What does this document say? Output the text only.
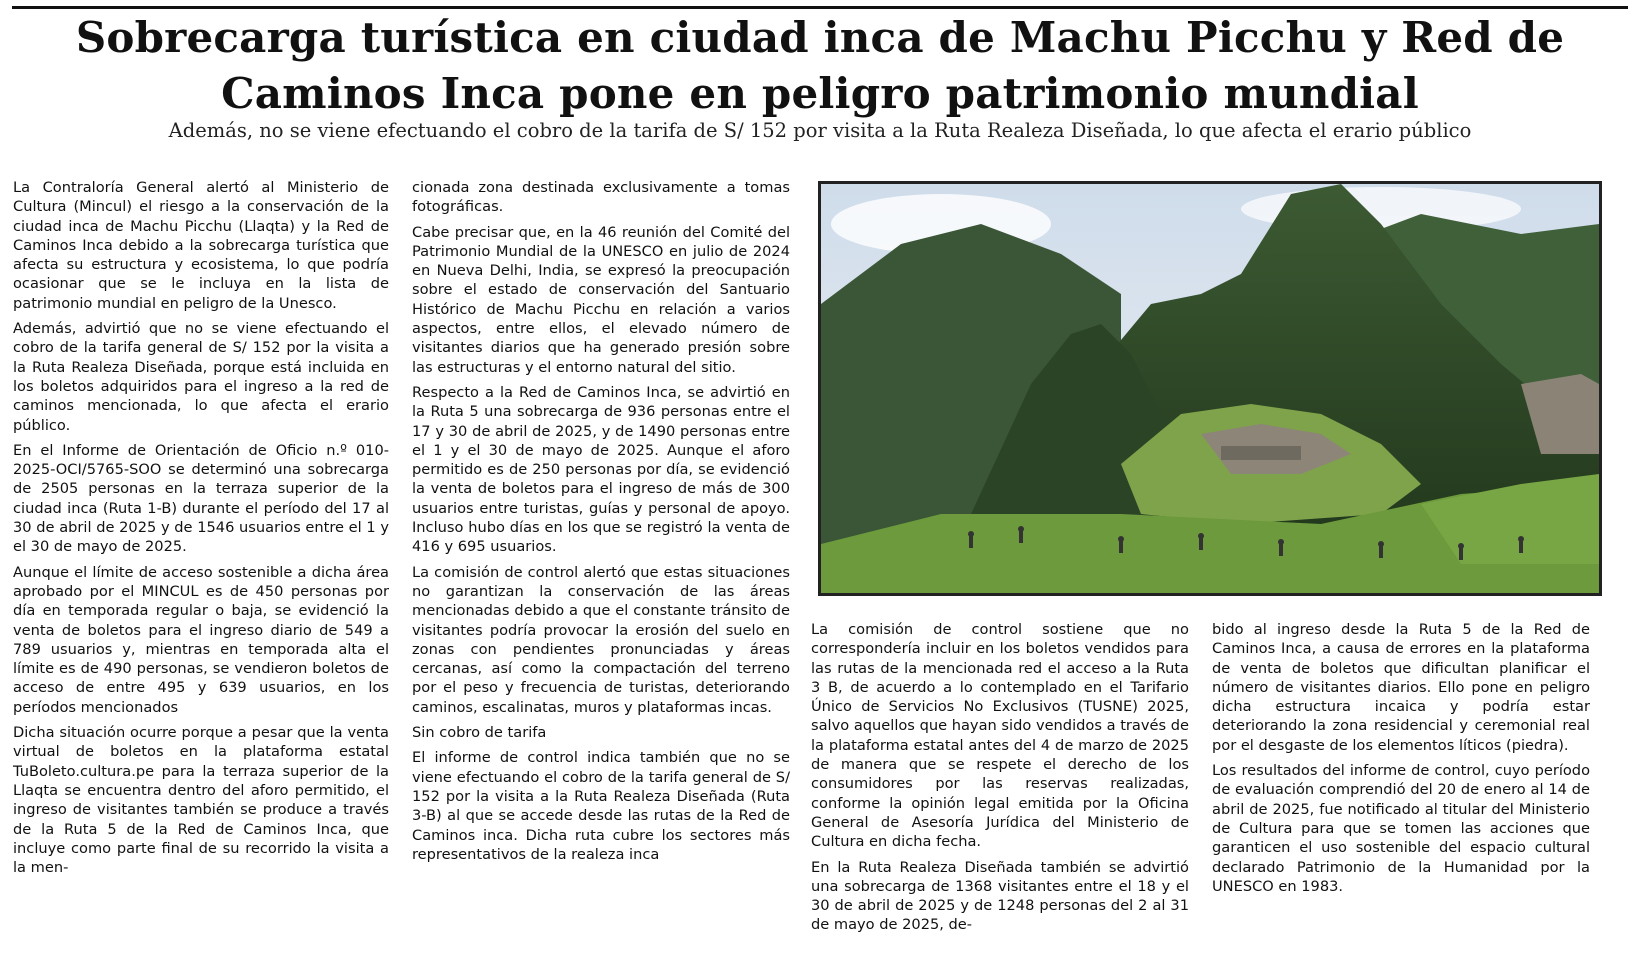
Sobrecarga turística en ciudad inca de Machu Picchu y Red de Caminos Inca pone en peligro patrimonio mundial
Además, no se viene efectuando el cobro de la tarifa de S/ 152 por visita a la Ruta Realeza Diseñada, lo que afecta el erario público

La Contraloría General alertó al Ministerio de Cultura (Mincul) el riesgo a la conservación de la ciudad inca de Machu Picchu (Llaqta) y la Red de Caminos Inca debido a la sobrecarga turística que afecta su estructura y ecosistema, lo que podría ocasionar que se le incluya en la lista de patrimonio mundial en peligro de la Unesco.

Además, advirtió que no se viene efectuando el cobro de la tarifa general de S/ 152 por la visita a la Ruta Realeza Diseñada, porque está incluida en los boletos adquiridos para el ingreso a la red de caminos mencionada, lo que afecta el erario público.

En el Informe de Orientación de Oficio n.º 010-2025-OCI/5765-SOO se determinó una sobrecarga de 2505 personas en la terraza superior de la ciudad inca (Ruta 1-B) durante el período del 17 al 30 de abril de 2025 y de 1546 usuarios entre el 1 y el 30 de mayo de 2025.

Aunque el límite de acceso sostenible a dicha área aprobado por el MINCUL es de 450 personas por día en temporada regular o baja, se evidenció la venta de boletos para el ingreso diario de 549 a 789 usuarios y, mientras en temporada alta el límite es de 490 personas, se vendieron boletos de acceso de entre 495 y 639 usuarios, en los períodos mencionados

Dicha situación ocurre porque a pesar que la venta virtual de boletos en la plataforma estatal TuBoleto.cultura.pe para la terraza superior de la Llaqta se encuentra dentro del aforo permitido, el ingreso de visitantes también se produce a través de la Ruta 5 de la Red de Caminos Inca, que incluye como parte final de su recorrido la visita a la men-

cionada zona destinada exclusivamente a tomas fotográficas.

Cabe precisar que, en la 46 reunión del Comité del Patrimonio Mundial de la UNESCO en julio de 2024 en Nueva Delhi, India, se expresó la preocupación sobre el estado de conservación del Santuario Histórico de Machu Picchu en relación a varios aspectos, entre ellos, el elevado número de visitantes diarios que ha generado presión sobre las estructuras y el entorno natural del sitio.

Respecto a la Red de Caminos Inca, se advirtió en la Ruta 5 una sobrecarga de 936 personas entre el 17 y 30 de abril de 2025, y de 1490 personas entre el 1 y el 30 de mayo de 2025. Aunque el aforo permitido es de 250 personas por día, se evidenció la venta de boletos para el ingreso de más de 300 usuarios entre turistas, guías y personal de apoyo. Incluso hubo días en los que se registró la venta de 416 y 695 usuarios.

La comisión de control alertó que estas situaciones no garantizan la conservación de las áreas mencionadas debido a que el constante tránsito de visitantes podría provocar la erosión del suelo en zonas con pendientes pronunciadas y áreas cercanas, así como la compactación del terreno por el peso y frecuencia de turistas, deteriorando caminos, escalinatas, muros y plataformas incas.

Sin cobro de tarifa

El informe de control indica también que no se viene efectuando el cobro de la tarifa general de S/ 152 por la visita a la Ruta Realeza Diseñada (Ruta 3-B) al que se accede desde las rutas de la Red de Caminos inca. Dicha ruta cubre los sectores más representativos de la realeza inca

La comisión de control sostiene que no correspondería incluir en los boletos vendidos para las rutas de la mencionada red el acceso a la Ruta 3 B, de acuerdo a lo contemplado en el Tarifario Único de Servicios No Exclusivos (TUSNE) 2025, salvo aquellos que hayan sido vendidos a través de la plataforma estatal antes del 4 de marzo de 2025 de manera que se respete el derecho de los consumidores por las reservas realizadas, conforme la opinión legal emitida por la Oficina General de Asesoría Jurídica del Ministerio de Cultura en dicha fecha.

En la Ruta Realeza Diseñada también se advirtió una sobrecarga de 1368 visitantes entre el 18 y el 30 de abril de 2025 y de 1248 personas del 2 al 31 de mayo de 2025, de-

bido al ingreso desde la Ruta 5 de la Red de Caminos Inca, a causa de errores en la plataforma de venta de boletos que dificultan planificar el número de visitantes diarios. Ello pone en peligro dicha estructura incaica y podría estar deteriorando la zona residencial y ceremonial real por el desgaste de los elementos líticos (piedra).

Los resultados del informe de control, cuyo período de evaluación comprendió del 20 de enero al 14 de abril de 2025, fue notificado al titular del Ministerio de Cultura para que se tomen las acciones que garanticen el uso sostenible del espacio cultural declarado Patrimonio de la Humanidad por la UNESCO en 1983.
